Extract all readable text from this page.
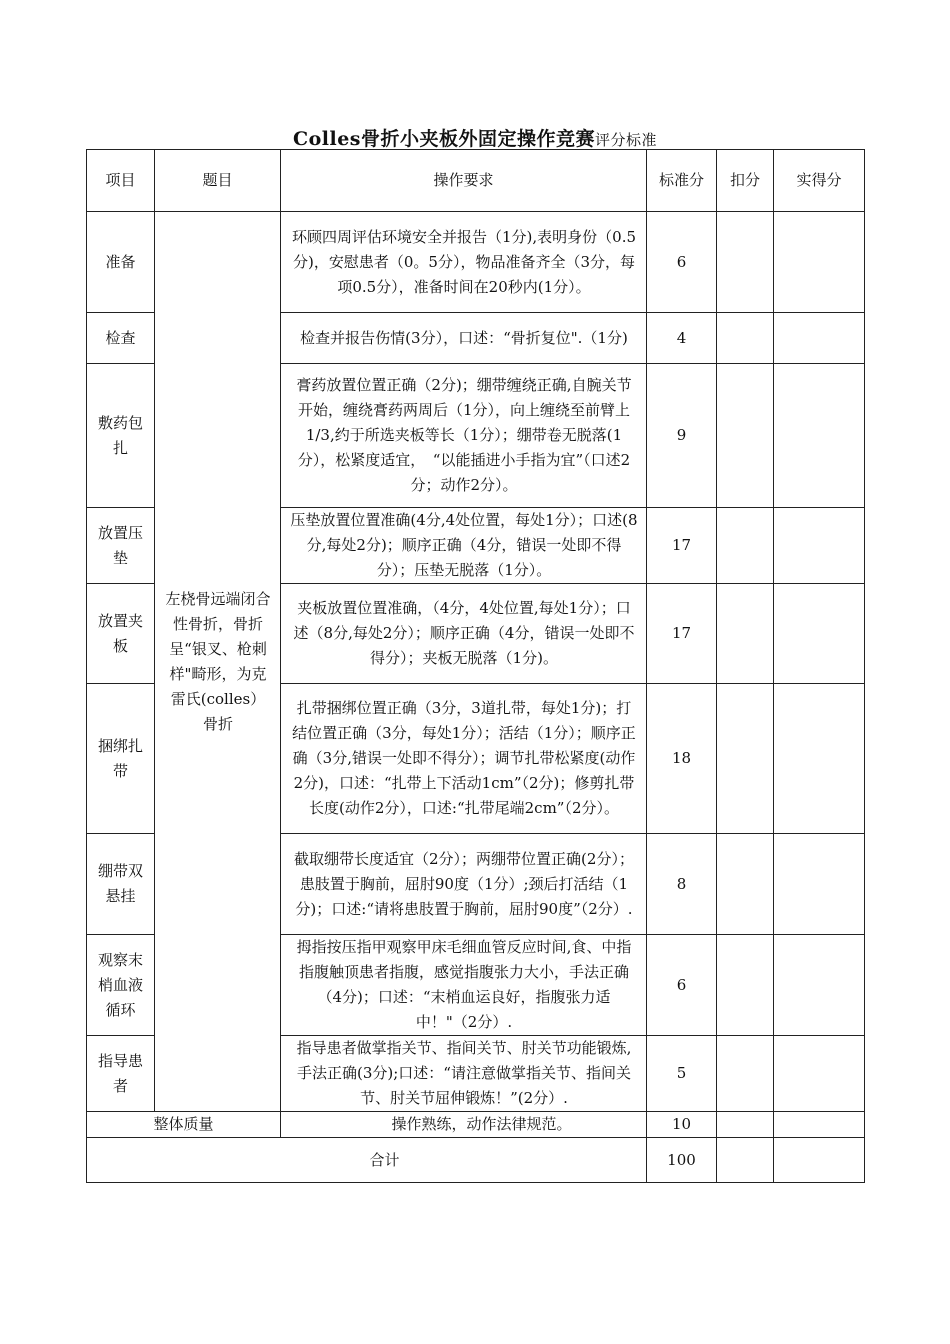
Colles骨折小夹板外固定操作竞赛评分标准
项目	题目	操作要求	标准分	扣分	实得分
准备	左桡骨远端闭合性骨折，骨折呈“银叉、枪刺样"畸形，为克雷氏(colles）骨折	环顾四周评估环境安全并报告（1分),表明身份（0.5分)，安慰患者（0。5分），物品准备齐全（3分，每项0.5分），准备时间在20秒内(1分）。	6		
检查		检查并报告伤情(3分），口述：“骨折复位".（1分)	4		
敷药包扎		膏药放置位置正确（2分)；绷带缠绕正确,自腕关节开始，缠绕膏药两周后（1分），向上缠绕至前臂上1/3,约于所选夹板等长（1分）；绷带卷无脱落(1分），松紧度适宜，　“以能插进小手指为宜”（口述2分；动作2分）。	9		
放置压垫		压垫放置位置准确(4分,4处位置，每处1分）；口述(8分,每处2分)；顺序正确（4分，错误一处即不得分）；压垫无脱落（1分）。	17		
放置夹板		夹板放置位置准确，（4分，4处位置,每处1分）；口述（8分,每处2分）；顺序正确（4分，错误一处即不得分）；夹板无脱落（1分)。	17		
捆绑扎带		扎带捆绑位置正确（3分，3道扎带，每处1分)；打结位置正确（3分，每处1分）；活结（1分）；顺序正确（3分,错误一处即不得分）；调节扎带松紧度(动作2分)，口述：“扎带上下活动1cm”（2分)；修剪扎带长度(动作2分），口述:“扎带尾端2cm”（2分）。	18		
绷带双悬挂		截取绷带长度适宜（2分）；两绷带位置正确(2分）；患肢置于胸前，屈肘90度（1分）;颈后打活结（1分)；口述:“请将患肢置于胸前，屈肘90度”（2分）.	8		
观察末梢血液循环		拇指按压指甲观察甲床毛细血管反应时间,食、中指指腹触顶患者指腹，感觉指腹张力大小，手法正确（4分)；口述：“末梢血运良好，指腹张力适中！"（2分）.	6		
指导患者		指导患者做掌指关节、指间关节、肘关节功能锻炼,手法正确(3分);口述：“请注意做掌指关节、指间关节、肘关节屈伸锻炼！”(2分）.	5		
整体质量		操作熟练，动作法律规范。	10		
合计			100		
